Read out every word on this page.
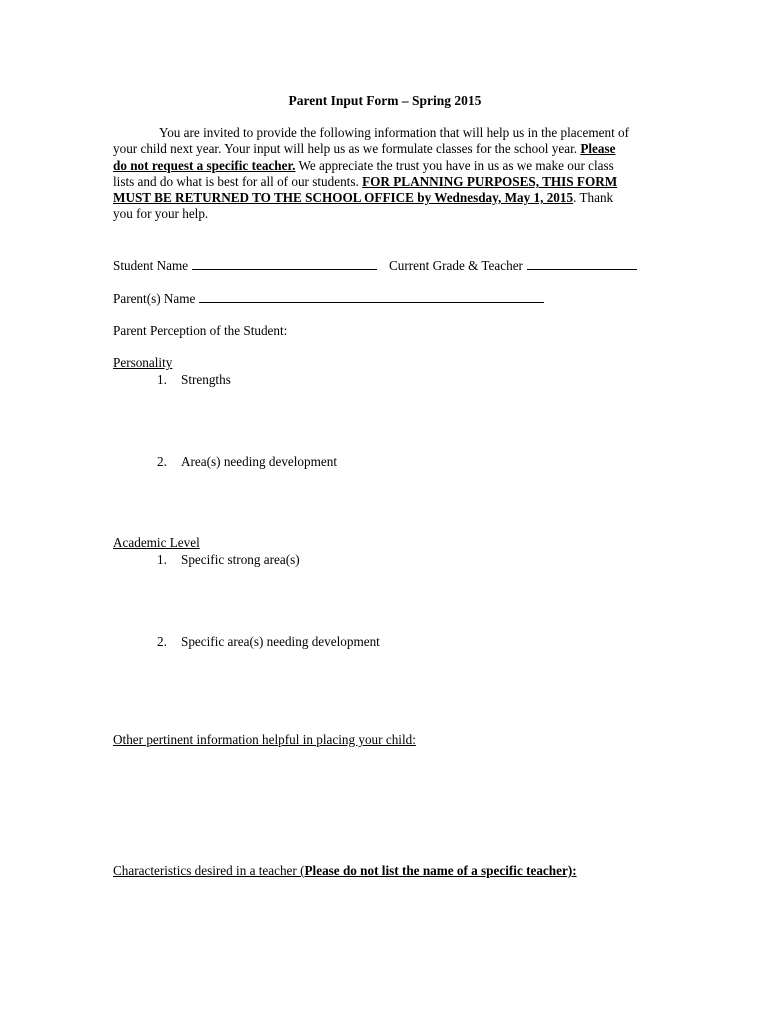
Parent Input Form – Spring 2015
You are invited to provide the following information that will help us in the placement of
your child next year. Your input will help us as we formulate classes for the school year. Please
do not request a specific teacher. We appreciate the trust you have in us as we make our class
lists and do what is best for all of our students. FOR PLANNING PURPOSES, THIS FORM
MUST BE RETURNED TO THE SCHOOL OFFICE by Wednesday, May 1, 2015. Thank
you for your help.
Student Name	Current Grade & Teacher
Parent(s) Name
Parent Perception of the Student:
Personality
1. Strengths
2. Area(s) needing development
Academic Level
1. Specific strong area(s)
2. Specific area(s) needing development
Other pertinent information helpful in placing your child:
Characteristics desired in a teacher (Please do not list the name of a specific teacher):
